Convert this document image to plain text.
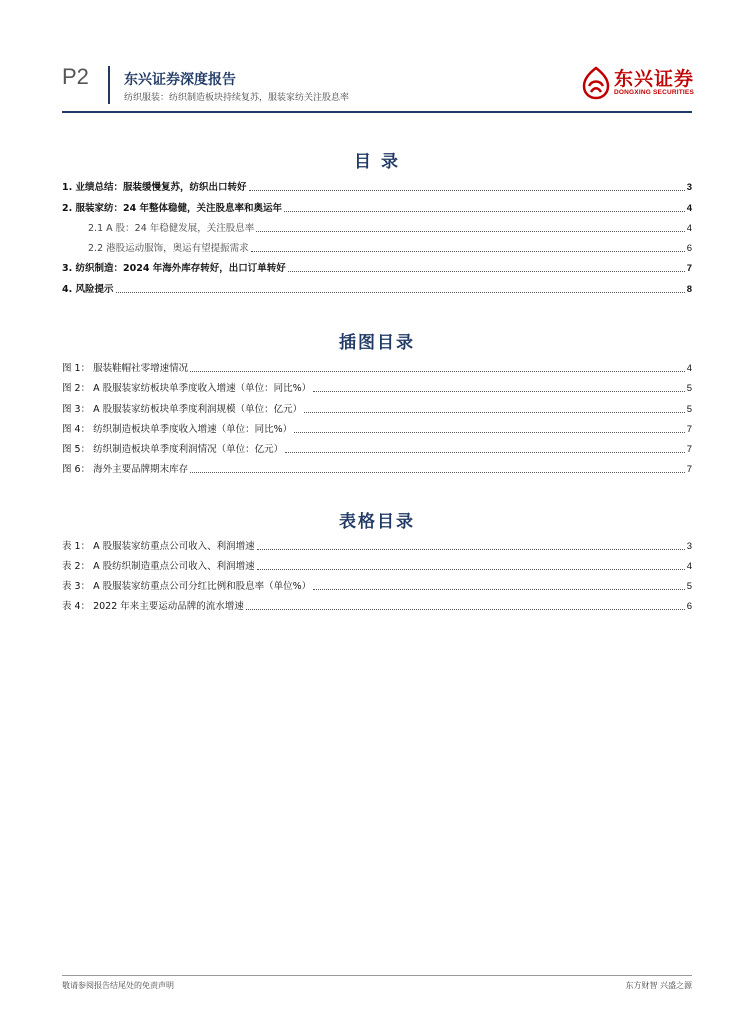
P2	东兴证券深度报告
纺织服装：纺织制造板块持续复苏，服装家纺关注股息率
东兴证券
DONGXING SECURITIES
目 录
1. 业绩总结：服装缓慢复苏，纺织出口转好	3
2. 服装家纺：24 年整体稳健，关注股息率和奥运年	4
2.1 A 股：24 年稳健发展，关注股息率	4
2.2 港股运动服饰，奥运有望提振需求	6
3. 纺织制造：2024 年海外库存转好，出口订单转好	7
4. 风险提示	8
插图目录
图 1： 服装鞋帽社零增速情况	4
图 2： A 股服装家纺板块单季度收入增速（单位：同比%）	5
图 3： A 股服装家纺板块单季度利润规模（单位：亿元）	5
图 4： 纺织制造板块单季度收入增速（单位：同比%）	7
图 5： 纺织制造板块单季度利润情况（单位：亿元）	7
图 6： 海外主要品牌期末库存	7
表格目录
表 1： A 股服装家纺重点公司收入、利润增速	3
表 2： A 股纺织制造重点公司收入、利润增速	4
表 3： A 股服装家纺重点公司分红比例和股息率（单位%）	5
表 4： 2022 年来主要运动品牌的流水增速	6
敬请参阅报告结尾处的免责声明	东方财智 兴盛之源
